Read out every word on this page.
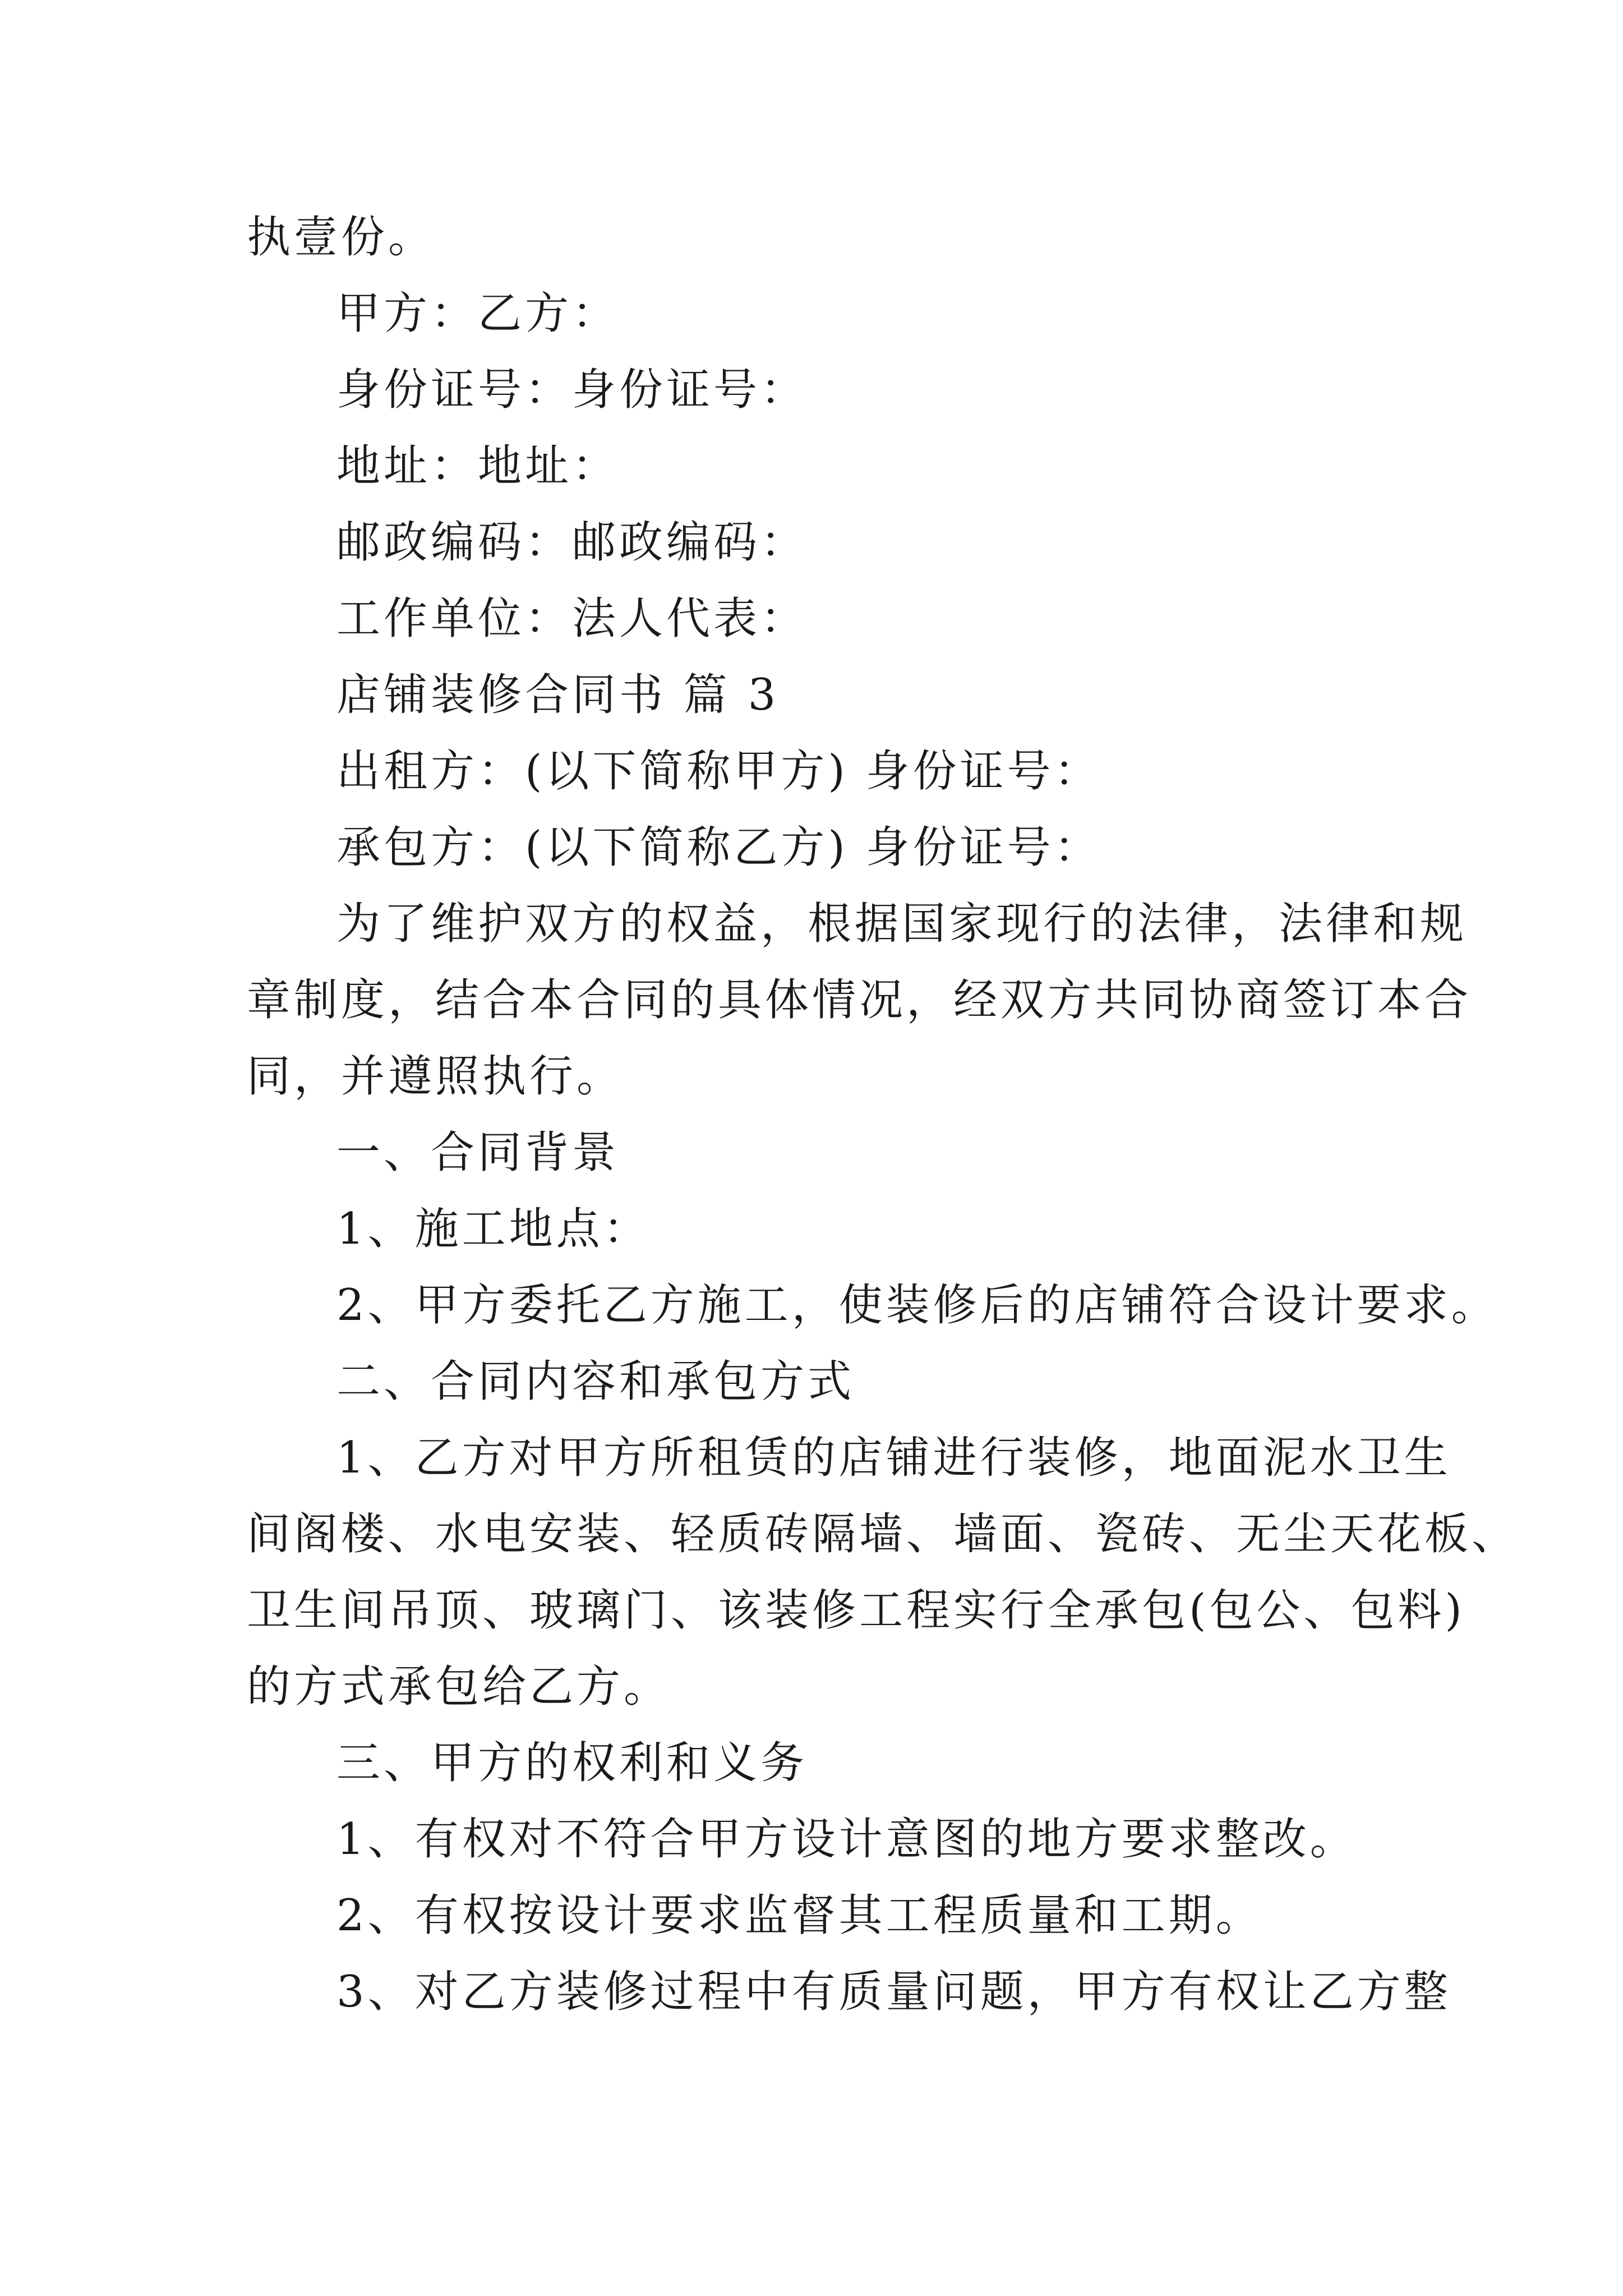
执壹份。
甲方：乙方：
身份证号：身份证号：
地址：地址：
邮政编码：邮政编码：
工作单位：法人代表：
店铺装修合同书 篇 3
出租方：(以下简称甲方) 身份证号：
承包方：(以下简称乙方) 身份证号：
为了维护双方的权益，根据国家现行的法律，法律和规
章制度，结合本合同的具体情况，经双方共同协商签订本合
同，并遵照执行。
一、合同背景
1、施工地点：
2、甲方委托乙方施工，使装修后的店铺符合设计要求。
二、合同内容和承包方式
1、乙方对甲方所租赁的店铺进行装修，地面泥水卫生
间阁楼、水电安装、轻质砖隔墙、墙面、瓷砖、无尘天花板、
卫生间吊顶、玻璃门、该装修工程实行全承包(包公、包料)
的方式承包给乙方。
三、甲方的权利和义务
1、有权对不符合甲方设计意图的地方要求整改。
2、有权按设计要求监督其工程质量和工期。
3、对乙方装修过程中有质量问题，甲方有权让乙方整
